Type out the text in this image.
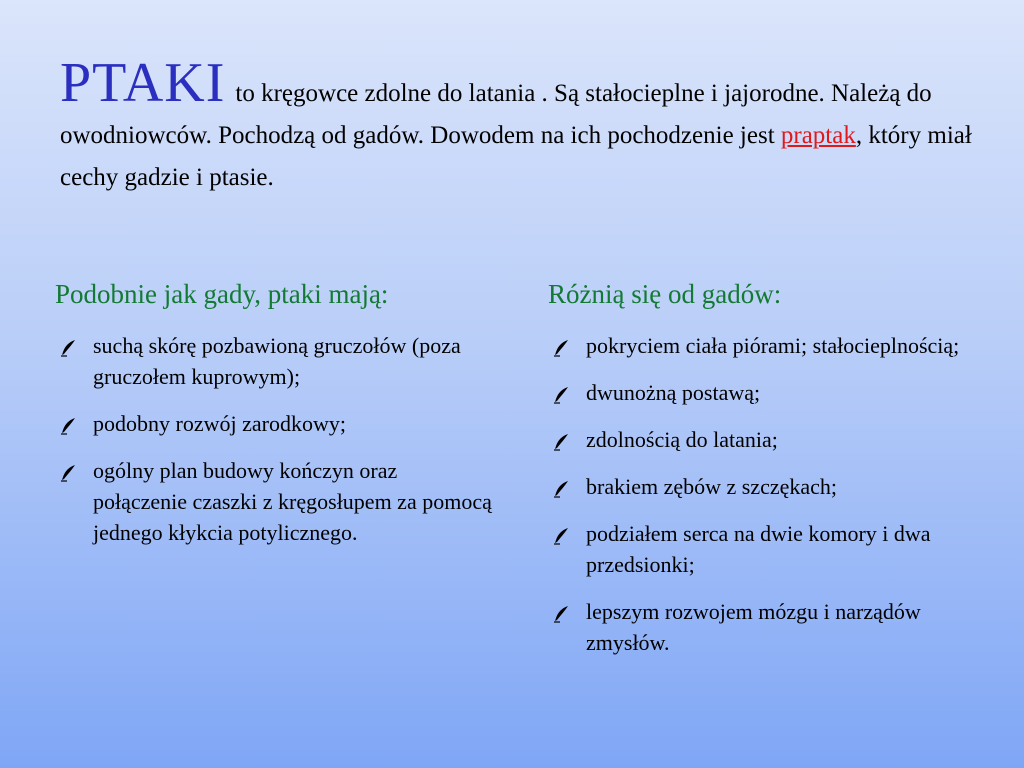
PTAKI to kręgowce zdolne do latania . Są stałocieplne i jajorodne. Należą do owodniowców. Pochodzą od gadów. Dowodem na ich pochodzenie jest praptak, który miał cechy gadzie i ptasie.
Podobnie jak gady, ptaki mają:
suchą skórę pozbawioną gruczołów (poza gruczołem kuprowym);
podobny rozwój zarodkowy;
ogólny plan budowy kończyn oraz połączenie czaszki z kręgosłupem za pomocą jednego kłykcia potylicznego.
Różnią się od gadów:
pokryciem ciała piórami; stałocieplnością;
dwunożną postawą;
zdolnością do latania;
brakiem zębów z szczękach;
podziałem serca na dwie komory i dwa przedsionki;
lepszym rozwojem mózgu i narządów zmysłów.
